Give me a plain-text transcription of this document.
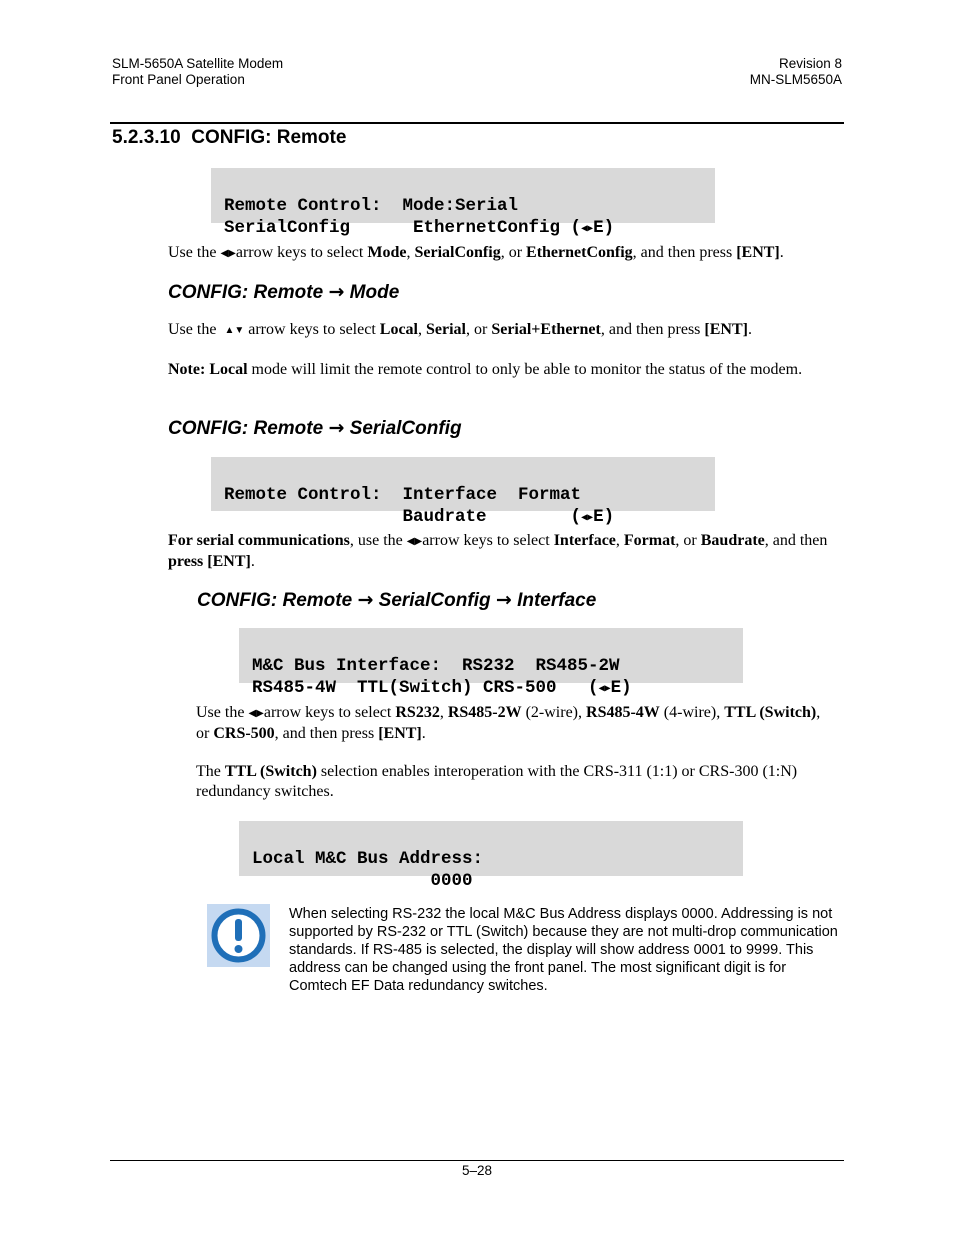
SLM-5650A Satellite Modem
Front Panel Operation
Revision 8
MN-SLM5650A
5.2.3.10 CONFIG: Remote

Remote Control:  Mode:Serial
SerialConfig      EthernetConfig (◀▶E)
Use the ◀▶arrow keys to select Mode, SerialConfig, or EthernetConfig, and then press [ENT].
CONFIG: Remote → Mode
Use the ▲▼ arrow keys to select Local, Serial, or Serial+Ethernet, and then press [ENT].
Note: Local mode will limit the remote control to only be able to monitor the status of the modem.
CONFIG: Remote → SerialConfig

Remote Control:  Interface  Format
Baudrate        (◀▶E)
For serial communications, use the ◀▶arrow keys to select Interface, Format, or Baudrate, and then press [ENT].
CONFIG: Remote → SerialConfig → Interface

M&C Bus Interface:  RS232  RS485-2W
RS485-4W  TTL(Switch) CRS-500   (◀▶E)
Use the ◀▶arrow keys to select RS232, RS485-2W (2-wire), RS485-4W (4-wire), TTL (Switch), or CRS-500, and then press [ENT].
The TTL (Switch) selection enables interoperation with the CRS-311 (1:1) or CRS-300 (1:N) redundancy switches.

Local M&C Bus Address:
0000
When selecting RS-232 the local M&C Bus Address displays 0000. Addressing is not supported by RS-232 or TTL (Switch) because they are not multi-drop communication standards. If RS-485 is selected, the display will show address 0001 to 9999. This address can be changed using the front panel. The most significant digit is for Comtech EF Data redundancy switches.
5–28
